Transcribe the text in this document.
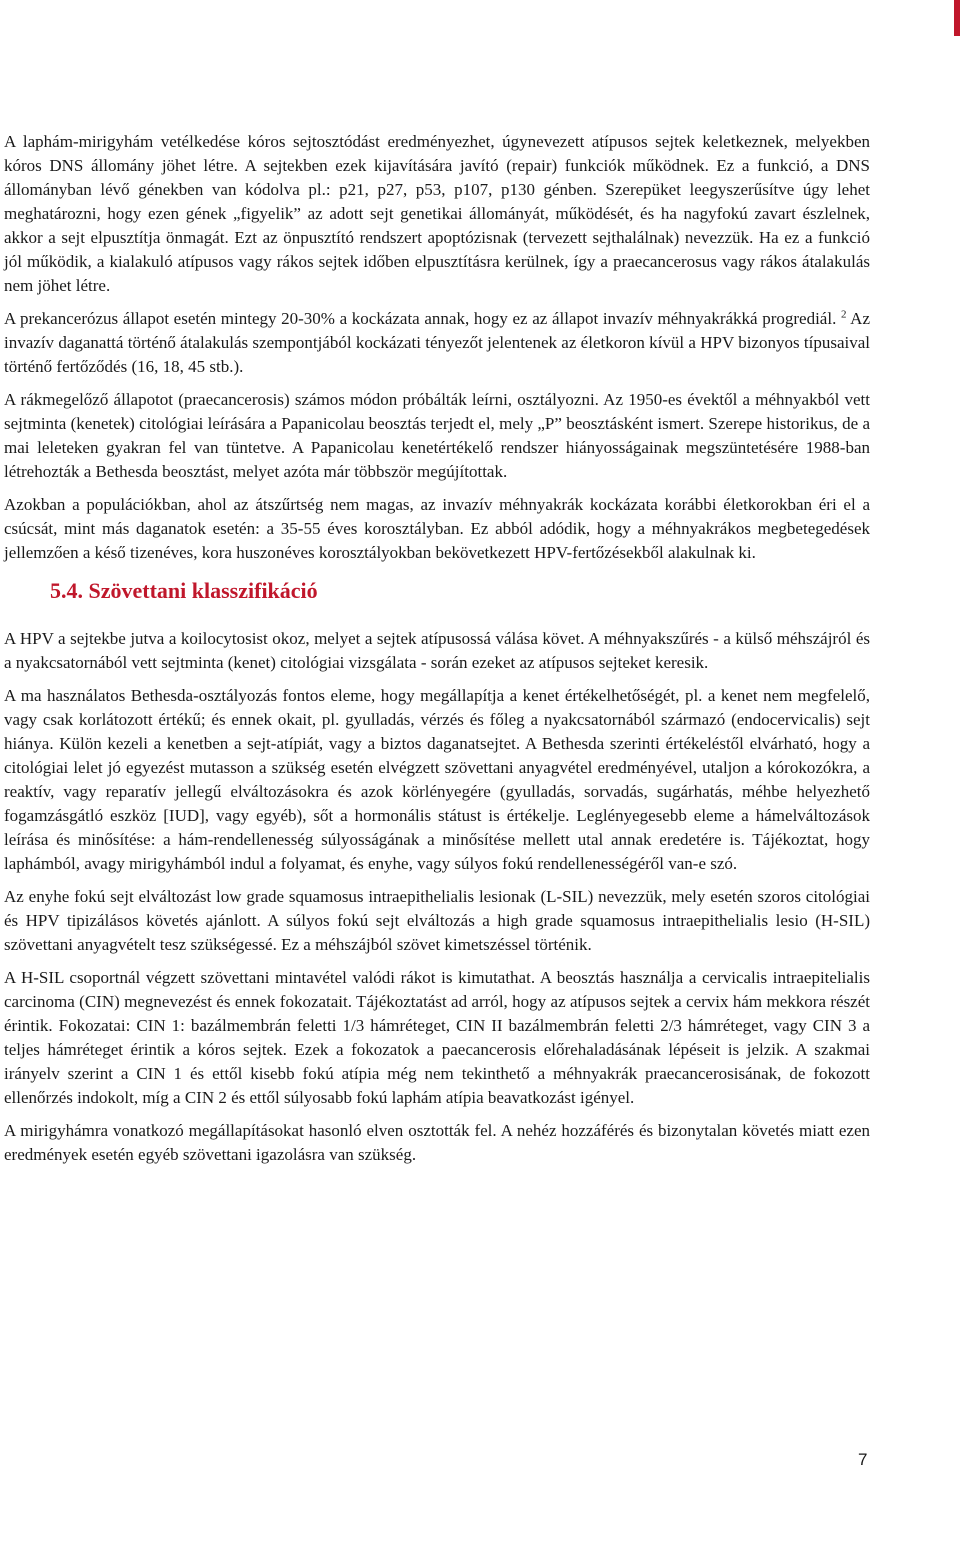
A laphám-mirigyhám vetélkedése kóros sejtosztódást eredményezhet, úgynevezett atípusos sejtek keletkeznek, melyekben kóros DNS állomány jöhet létre. A sejtekben ezek kijavítására javító (repair) funkciók működnek. Ez a funkció, a DNS állományban lévő génekben van kódolva pl.: p21, p27, p53, p107, p130 génben. Szerepüket leegyszerűsítve úgy lehet meghatározni, hogy ezen gének „figyelik” az adott sejt genetikai állományát, működését, és ha nagyfokú zavart észlelnek, akkor a sejt elpusztítja önmagát. Ezt az önpusztító rendszert apoptózisnak (tervezett sejthalálnak) nevezzük. Ha ez a funkció jól működik, a kialakuló atípusos vagy rákos sejtek időben elpusztításra kerülnek, így a praecancerosus vagy rákos átalakulás nem jöhet létre.

A prekancerózus állapot esetén mintegy 20-30% a kockázata annak, hogy ez az állapot invazív méhnyakrákká progrediál. $^2$ Az invazív daganattá történő átalakulás szempontjából kockázati tényezőt jelentenek az életkoron kívül a HPV bizonyos típusaival történő fertőződés (16, 18, 45 stb.).

A rákmegelőző állapotot (praecancerosis) számos módon próbálták leírni, osztályozni. Az 1950-es évektől a méhnyakból vett sejtminta (kenetek) citológiai leírására a Papanicolau beosztás terjedt el, mely „P” beosztásként ismert. Szerepe historikus, de a mai leleteken gyakran fel van tüntetve. A Papanicolau kenetértékelő rendszer hiányosságainak megszüntetésére 1988-ban létrehozták a Bethesda beosztást, melyet azóta már többször megújítottak.

Azokban a populációkban, ahol az átszűrtség nem magas, az invazív méhnyakrák kockázata korábbi életkorokban éri el a csúcsát, mint más daganatok esetén: a 35-55 éves korosztályban. Ez abból adódik, hogy a méhnyakrákos megbetegedések jellemzően a késő tizenéves, kora huszonéves korosztályokban bekövetkezett HPV-fertőzésekből alakulnak ki.

5.4. Szövettani klasszifikáció

A HPV a sejtekbe jutva a koilocytosist okoz, melyet a sejtek atípusossá válása követ. A méhnyakszűrés - a külső méhszájról és a nyakcsatornából vett sejtminta (kenet) citológiai vizsgálata - során ezeket az atípusos sejteket keresik.

A ma használatos Bethesda-osztályozás fontos eleme, hogy megállapítja a kenet értékelhetőségét, pl. a kenet nem megfelelő, vagy csak korlátozott értékű; és ennek okait, pl. gyulladás, vérzés és főleg a nyakcsatornából származó (endocervicalis) sejt hiánya. Külön kezeli a kenetben a sejt-atípiát, vagy a biztos daganatsejtet. A Bethesda szerinti értékeléstől elvárható, hogy a citológiai lelet jó egyezést mutasson a szükség esetén elvégzett szövettani anyagvétel eredményével, utaljon a kórokozókra, a reaktív, vagy reparatív jellegű elváltozásokra és azok körlényegére (gyulladás, sorvadás, sugárhatás, méhbe helyezhető fogamzásgátló eszköz [IUD], vagy egyéb), sőt a hormonális státust is értékelje. Leglényegesebb eleme a hámelváltozások leírása és minősítése: a hám-rendellenesség súlyosságának a minősítése mellett utal annak eredetére is. Tájékoztat, hogy laphámból, avagy mirigyhámból indul a folyamat, és enyhe, vagy súlyos fokú rendellenességéről van-e szó.

Az enyhe fokú sejt elváltozást low grade squamosus intraepithelialis lesionak (L-SIL) nevezzük, mely esetén szoros citológiai és HPV tipizálásos követés ajánlott. A súlyos fokú sejt elváltozás a high grade squamosus intraepithelialis lesio (H-SIL) szövettani anyagvételt tesz szükségessé. Ez a méhszájból szövet kimetszéssel történik.

A H-SIL csoportnál végzett szövettani mintavétel valódi rákot is kimutathat. A beosztás használja a cervicalis intraepitelialis carcinoma (CIN) megnevezést és ennek fokozatait. Tájékoztatást ad arról, hogy az atípusos sejtek a cervix hám mekkora részét érintik. Fokozatai: CIN 1: bazálmembrán feletti 1/3 hámréteget, CIN II bazálmembrán feletti 2/3 hámréteget, vagy CIN 3 a teljes hámréteget érintik a kóros sejtek. Ezek a fokozatok a paecancerosis előrehaladásának lépéseit is jelzik. A szakmai irányelv szerint a CIN 1 és ettől kisebb fokú atípia még nem tekinthető a méhnyakrák praecancerosisának, de fokozott ellenőrzés indokolt, míg a CIN 2 és ettől súlyosabb fokú laphám atípia beavatkozást igényel.

A mirigyhámra vonatkozó megállapításokat hasonló elven osztották fel. A nehéz hozzáférés és bizonytalan követés miatt ezen eredmények esetén egyéb szövettani igazolásra van szükség.

7
